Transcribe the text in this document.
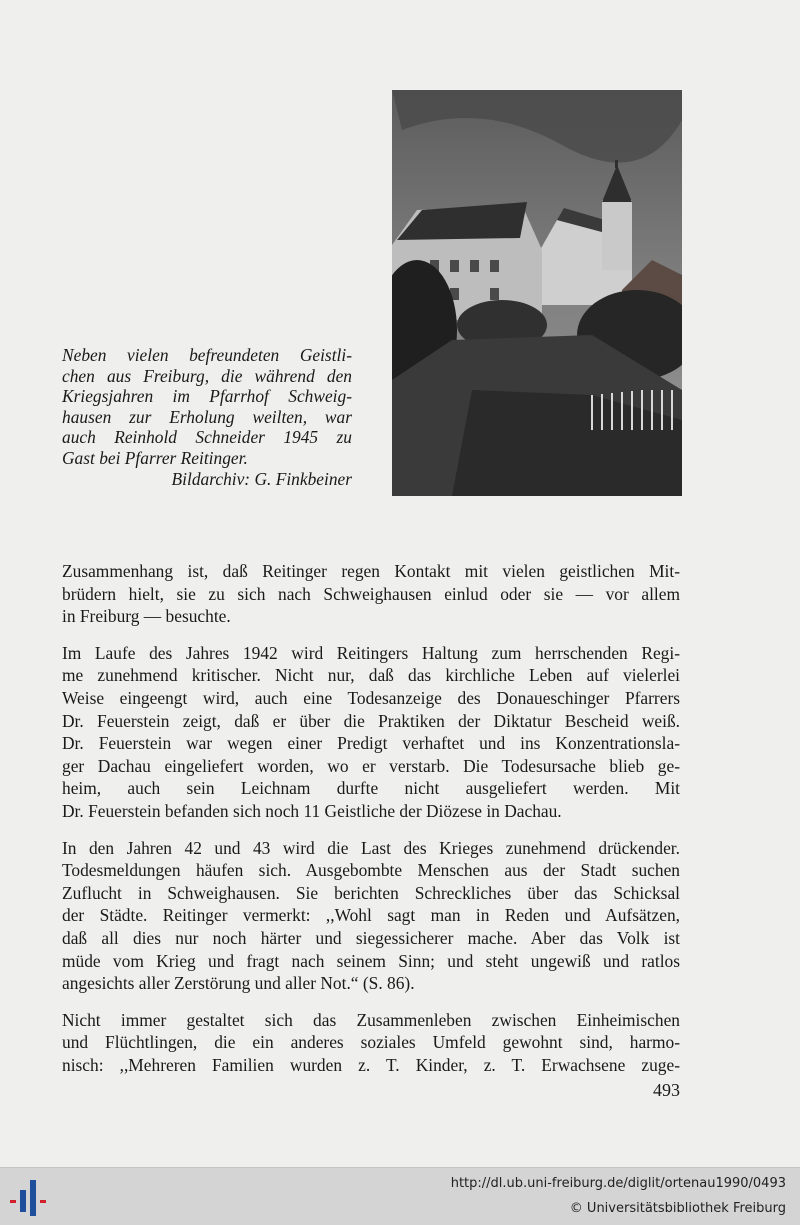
Neben vielen befreundeten Geistli-
chen aus Freiburg, die während den
Kriegsjahren im Pfarrhof Schweig-
hausen zur Erholung weilten, war
auch Reinhold Schneider 1945 zu
Gast bei Pfarrer Reitinger.
Bildarchiv: G. Finkbeiner

Zusammenhang ist, daß Reitinger regen Kontakt mit vielen geistlichen Mit-
brüdern hielt, sie zu sich nach Schweighausen einlud oder sie — vor allem
in Freiburg — besuchte.

Im Laufe des Jahres 1942 wird Reitingers Haltung zum herrschenden Regi-
me zunehmend kritischer. Nicht nur, daß das kirchliche Leben auf vielerlei
Weise eingeengt wird, auch eine Todesanzeige des Donaueschinger Pfarrers
Dr. Feuerstein zeigt, daß er über die Praktiken der Diktatur Bescheid weiß.
Dr. Feuerstein war wegen einer Predigt verhaftet und ins Konzentrationsla-
ger Dachau eingeliefert worden, wo er verstarb. Die Todesursache blieb ge-
heim, auch sein Leichnam durfte nicht ausgeliefert werden. Mit
Dr. Feuerstein befanden sich noch 11 Geistliche der Diözese in Dachau.

In den Jahren 42 und 43 wird die Last des Krieges zunehmend drückender.
Todesmeldungen häufen sich. Ausgebombte Menschen aus der Stadt suchen
Zuflucht in Schweighausen. Sie berichten Schreckliches über das Schicksal
der Städte. Reitinger vermerkt: ,,Wohl sagt man in Reden und Aufsätzen,
daß all dies nur noch härter und siegessicherer mache. Aber das Volk ist
müde vom Krieg und fragt nach seinem Sinn; und steht ungewiß und ratlos
angesichts aller Zerstörung und aller Not.“ (S. 86).

Nicht immer gestaltet sich das Zusammenleben zwischen Einheimischen
und Flüchtlingen, die ein anderes soziales Umfeld gewohnt sind, harmo-
nisch: ,,Mehreren Familien wurden z. T. Kinder, z. T. Erwachsene zuge-

493
http://dl.ub.uni-freiburg.de/diglit/ortenau1990/0493
© Universitätsbibliothek Freiburg
